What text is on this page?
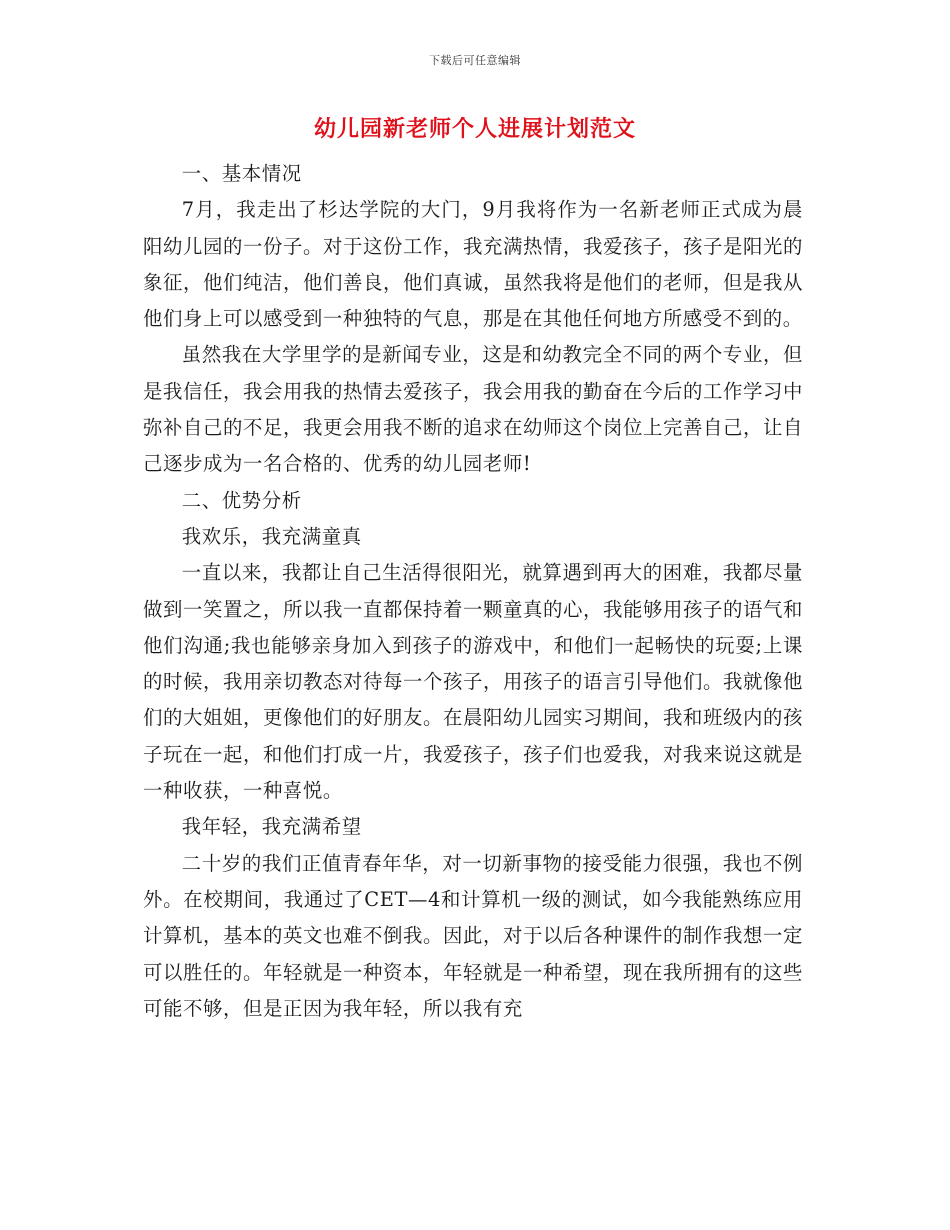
下载后可任意编辑
幼儿园新老师个人进展计划范文

一、基本情况

7月，我走出了杉达学院的大门，9月我将作为一名新老师正式成为晨阳幼儿园的一份子。对于这份工作，我充满热情，我爱孩子，孩子是阳光的象征，他们纯洁，他们善良，他们真诚，虽然我将是他们的老师，但是我从他们身上可以感受到一种独特的气息，那是在其他任何地方所感受不到的。

虽然我在大学里学的是新闻专业，这是和幼教完全不同的两个专业，但是我信任，我会用我的热情去爱孩子，我会用我的勤奋在今后的工作学习中弥补自己的不足，我更会用我不断的追求在幼师这个岗位上完善自己，让自己逐步成为一名合格的、优秀的幼儿园老师!

二、优势分析

我欢乐，我充满童真

一直以来，我都让自己生活得很阳光，就算遇到再大的困难，我都尽量做到一笑置之，所以我一直都保持着一颗童真的心，我能够用孩子的语气和他们沟通;我也能够亲身加入到孩子的游戏中，和他们一起畅快的玩耍;上课的时候，我用亲切教态对待每一个孩子，用孩子的语言引导他们。我就像他们的大姐姐，更像他们的好朋友。在晨阳幼儿园实习期间，我和班级内的孩子玩在一起，和他们打成一片，我爱孩子，孩子们也爱我，对我来说这就是一种收获，一种喜悦。

我年轻，我充满希望

二十岁的我们正值青春年华，对一切新事物的接受能力很强，我也不例外。在校期间，我通过了CET—4和计算机一级的测试，如今我能熟练应用计算机，基本的英文也难不倒我。因此，对于以后各种课件的制作我想一定可以胜任的。年轻就是一种资本，年轻就是一种希望，现在我所拥有的这些可能不够，但是正因为我年轻，所以我有充
